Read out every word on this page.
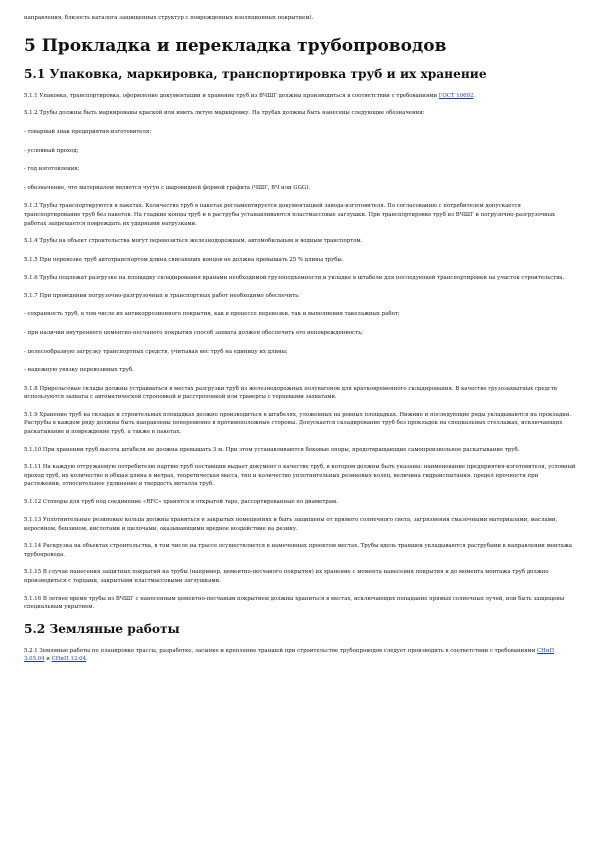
направления, близость каталога защищенных структур с поврежденных изоляционных покрытием).

5 Прокладка и перекладка трубопроводов
5.1 Упаковка, маркировка, транспортировка труб и их хранение

5.1.1 Упаковка, транспортировка, оформление документации и хранение труб из ВЧШГ должны производиться в соответствии с требованиями ГОСТ 10692.

5.1.2 Трубы должны быть маркированы краской или иметь литую маркировку. На трубах должны быть нанесены следующие обозначения:

- товарный знак предприятия-изготовителя;

- условный проход;

- год изготовления;

- обозначение, что материалом является чугун с шаровидной формой графита (ЧШГ, ВЧ или GGG).

5.1.3 Трубы транспортируются в пакетах. Количество труб в пакетах регламентируется документацией завода-изготовителя. По согласованию с потребителем допускается транспортирование труб без пакетов. На гладкие концы труб и в раструбы устанавливаются пластмассовые заглушки. При транспортировке труб из ВЧШГ и погрузочно-разгрузочных работах запрещается повреждать их ударными нагрузками.

5.1.4 Трубы на объект строительства могут перевозиться железнодорожным, автомобильным и водным транспортом.

5.1.5 При перевозке труб автотранспортом длина свисающих концов не должна превышать 25 % длины трубы.

5.1.6 Трубы подлежат разгрузке на площадку складирования кранами необходимой грузоподъемности и укладке в штабели для последующей транспортировки на участок строительства.

5.1.7 При проведении погрузочно-разгрузочных и транспортных работ необходимо обеспечить:

- сохранность труб, в том числе их антикоррозионного покрытия, как в процессе перевозки, так и выполнения такелажных работ;

- при наличии внутреннего цементно-песчаного покрытия способ захвата должен обеспечить его неповрежденность;

- целесообразную загрузку транспортных средств, учитывая вес труб на единицу их длины;

- надежную увязку перевозимых труб.

5.1.8 Прирельсовые склады должны устраиваться в местах разгрузки труб из железнодорожных полувагонов для кратковременного складирования. В качестве грузозахватных средств используются захваты с автоматической строповкой и расстроповкой или траверсы с торцевыми захватами.

5.1.9 Хранение труб на складах и строительных площадках должно производиться в штабелях, уложенных на ровных площадках. Нижние и последующие ряды укладываются на прокладки. Раструбы в каждом ряду должны быть направлены попеременно в противоположные стороны. Допускается складирование труб без прокладок на специальных стеллажах, исключающих раскатывание и повреждение труб, а также в пакетах.

5.1.10 При хранении труб высота штабеля не должна превышать 3 м. При этом устанавливаются боковые опоры, предотвращающие самопроизвольное раскатывание труб.

5.1.11 На каждую отгружаемую потребителю партию труб поставщик выдает документ о качестве труб, в котором должны быть указаны: наименование предприятия-изготовителя, условный проход труб, их количество и общая длина в метрах, теоретическая масса, тип и количество уплотнительных резиновых колец, величина гидроиспытания, предел прочности при растяжении, относительное удлинение и твердость металла труб.

5.1.12 Стопоры для труб под соединение «RFC» хранятся в открытой таре, рассортированные по диаметрам.

5.1.13 Уплотнительные резиновые кольца должны храниться в закрытых помещениях и быть защищены от прямого солнечного света, загрязнения смазочными материалами, маслами, керосином, бензином, кислотами и щелочами, оказывающими вредное воздействие на резину.

5.1.14 Раскрузка на объектах строительства, в том числе на трассе осуществляется в намеченных проектом местах. Трубы вдоль траншеи укладываются раструбами в направлении монтажа трубопровода.

5.1.15 В случае нанесения защитных покрытий на трубы (например, цементно-песчаного покрытия) их хранение с момента нанесения покрытия и до момента монтажа труб должно производиться с торцами, закрытыми пластмассовыми заглушками.

5.1.16 В летнее время трубы из ВЧШГ с нанесенным цементно-песчаным покрытием должны храниться в местах, исключающих попадание прямых солнечных лучей, или быть защищены специальным укрытием.

5.2 Земляные работы

5.2.1 Земляные работы по планировке трассы, разработке, засыпке и крепление траншей при строительстве трубопроводов следует производить в соответствии с требованиями СНиП 3.05.04 и СНиП 12-04.
